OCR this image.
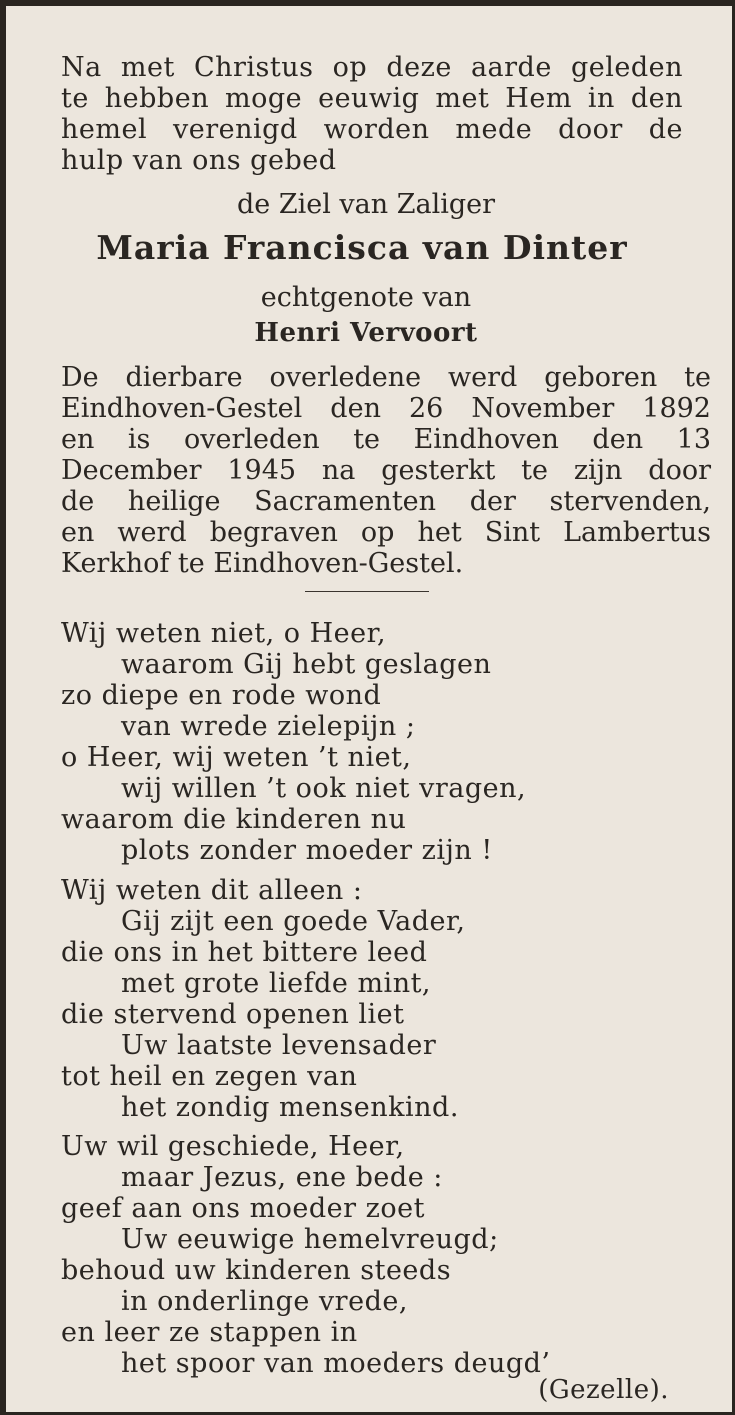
Na met Christus op deze aarde geleden
te hebben moge eeuwig met Hem in den
hemel verenigd worden mede door de
hulp van ons gebed
de Ziel van Zaliger
Maria Francisca van Dinter
echtgenote van
Henri Vervoort
De dierbare overledene werd geboren te
Eindhoven-Gestel den 26 November 1892
en is overleden te Eindhoven den 13
December 1945 na gesterkt te zijn door
de heilige Sacramenten der stervenden,
en werd begraven op het Sint Lambertus
Kerkhof te Eindhoven-Gestel.
Wij weten niet, o Heer,
waarom Gij hebt geslagen
zo diepe en rode wond
van wrede zielepijn ;
o Heer, wij weten ’t niet,
wij willen ’t ook niet vragen,
waarom die kinderen nu
plots zonder moeder zijn !
Wij weten dit alleen :
Gij zijt een goede Vader,
die ons in het bittere leed
met grote liefde mint,
die stervend openen liet
Uw laatste levensader
tot heil en zegen van
het zondig mensenkind.
Uw wil geschiede, Heer,
maar Jezus, ene bede :
geef aan ons moeder zoet
Uw eeuwige hemelvreugd;
behoud uw kinderen steeds
in onderlinge vrede,
en leer ze stappen in
het spoor van moeders deugd’
(Gezelle).
